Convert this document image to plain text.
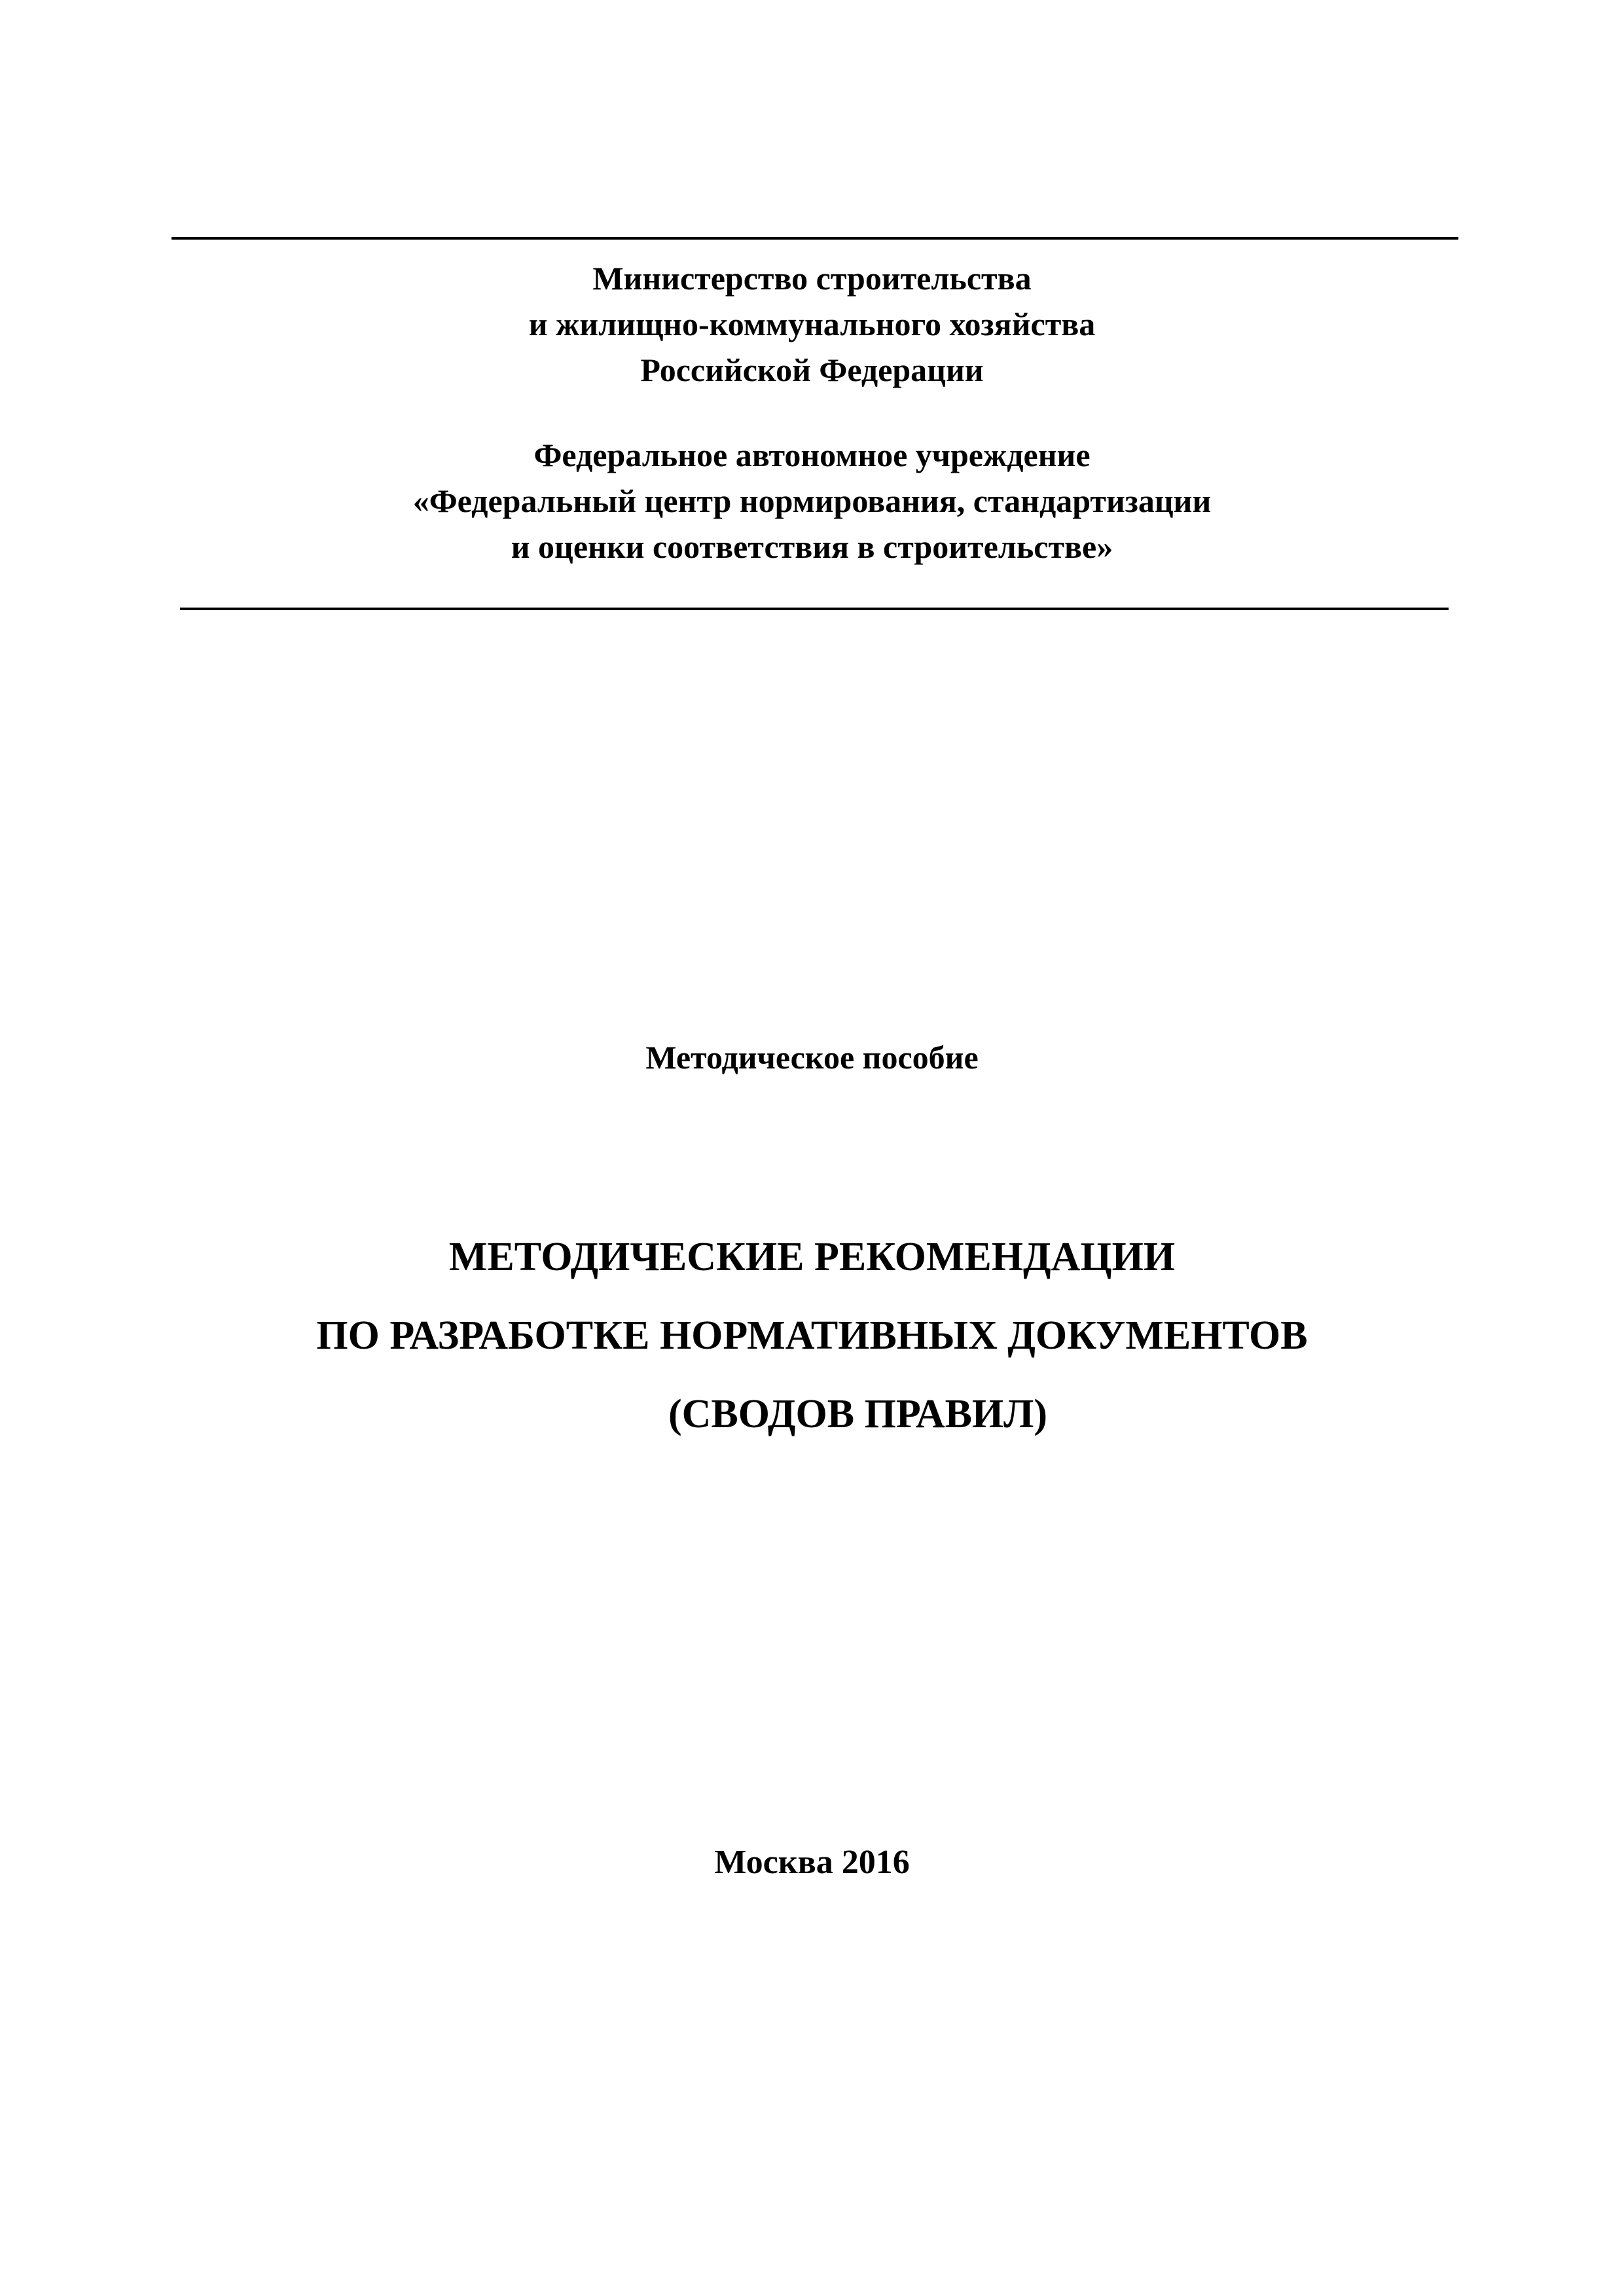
Министерство строительства
и жилищно-коммунального хозяйства
Российской Федерации
Федеральное автономное учреждение
«Федеральный центр нормирования, стандартизации
и оценки соответствия в строительстве»
Методическое пособие
МЕТОДИЧЕСКИЕ РЕКОМЕНДАЦИИ
ПО РАЗРАБОТКЕ НОРМАТИВНЫХ ДОКУМЕНТОВ
(СВОДОВ ПРАВИЛ)
Москва 2016
